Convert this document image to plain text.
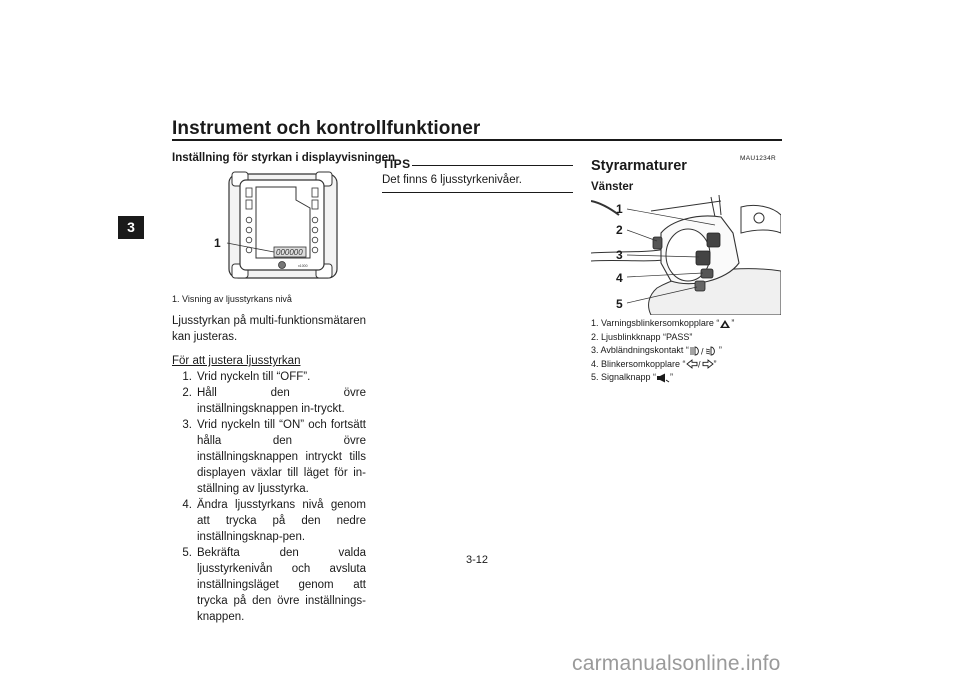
Instrument och kontrollfunktioner
3
Inställning för styrkan i displayvisningen
000000
x1000
1
1. Visning av ljusstyrkans nivå
Ljusstyrkan på multi-funktionsmätaren kan justeras.
För att justera ljusstyrkan
1. Vrid nyckeln till “OFF”.
2. Håll den övre inställningsknappen in-tryckt.
3. Vrid nyckeln till “ON” och fortsätt hålla den övre inställningsknappen intryckt tills displayen växlar till läget för in-ställning av ljusstyrka.
4. Ändra ljusstyrkans nivå genom att trycka på den nedre inställningsknap-pen.
5. Bekräfta den valda ljusstyrkenivån och avsluta inställningsläget genom att trycka på den övre inställnings-knappen.
TIPS
Det finns 6 ljusstyrkenivåer.
MAU1234R
Styrarmaturer
Vänster
1
2
3
4
5
1. Varningsblinkersomkopplare “ ”
2. Ljusblinkknapp “PASS”
3. Avbländningskontakt “ / ”
4. Blinkersomkopplare “ / ”
5. Signalknapp “ ”
3-12
carmanualsonline.info
